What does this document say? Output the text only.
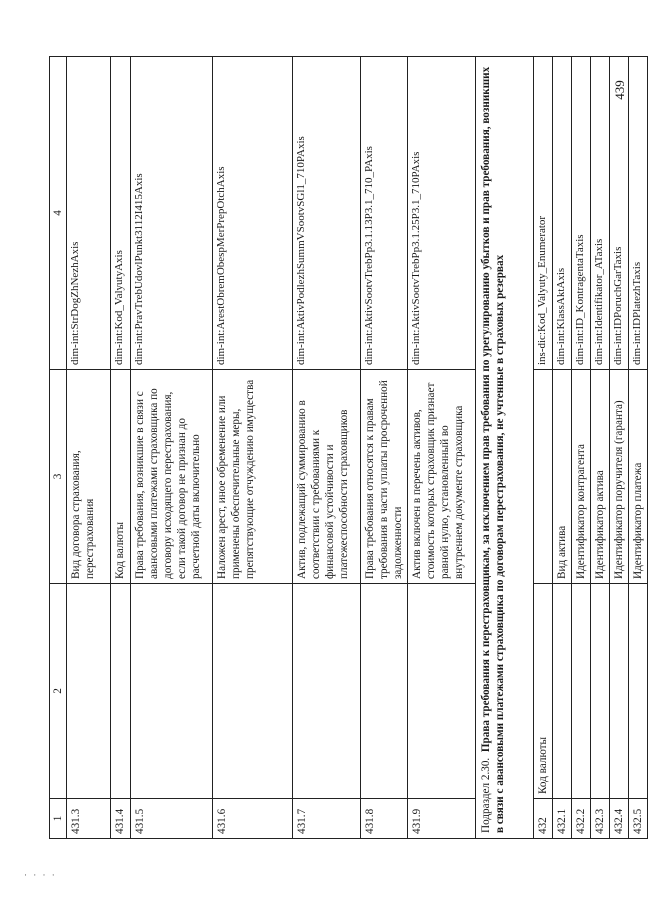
439
· · · ·
1	2	3	4
431.3		Вид договора страхования, перестрахования	dim-int:StrDogZhNezhAxis
431.4		Код валюты	dim-int:Kod_ValyutyAxis
431.5		Права требования, возникшие в связи с авансовыми платежами страховщика по договору исходящего перестрахования, если такой договор не признан до расчетной даты включительно	dim-int:PravTrebUdovlPunkt3112I415Axis
431.6		Наложен арест, иное обременение или применены обеспечительные меры, препятствующие отчуждению имущества	dim-int:ArestObremObespMerPrepOtchAxis
431.7		Актив, подлежащий суммированию в соответствии с требованиями к финансовой устойчивости и платежеспособности страховщиков	dim-int:AktivPodlezhSummVSootvSGl1_710PAxis
431.8		Права требования относятся к правам требования в части уплаты просроченной задолженности	dim-int:AktivSootvTrebPp3.1.13P3.1_710_PAxis
431.9		Актив включен в перечень активов, стоимость которых страховщик признает равной нулю, установленный во внутреннем документе страховщика	dim-int:AktivSootvTrebPp3.1.25P3.1_710PAxis
Подраздел 2.30.  Права требования к перестраховщикам, за исключением прав требования по урегулированию убытков и прав требования, возникших в связи с авансовыми платежами страховщика по договорам перестрахования, не учтенные в страховых резервах			
432	Код валюты		ins-dic:Kod_Valyuty_Enumerator
432.1		Вид актива	dim-int:KlassAktAxis
432.2		Идентификатор контрагента	dim-int:ID_KontragentaTaxis
432.3		Идентификатор актива	dim-int:Identifikator_ATaxis
432.4		Идентификатор поручителя (гаранта)	dim-int:IDPoruchGarTaxis
432.5		Идентификатор платежа	dim-int:IDPlatezhTaxis
